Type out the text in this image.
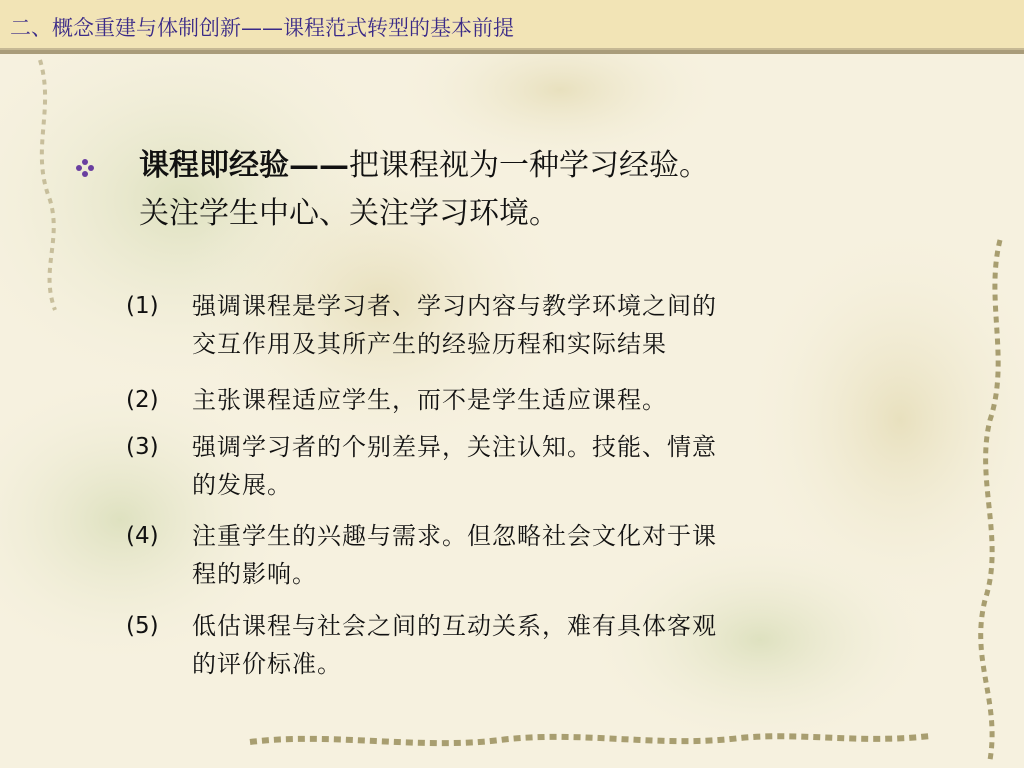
二、概念重建与体制创新——课程范式转型的基本前提
课程即经验——把课程视为一种学习经验。
关注学生中心、关注学习环境。
(1) 强调课程是学习者、学习内容与教学环境之间的
交互作用及其所产生的经验历程和实际结果
(2) 主张课程适应学生，而不是学生适应课程。
(3) 强调学习者的个别差异，关注认知。技能、情意
的发展。
(4) 注重学生的兴趣与需求。但忽略社会文化对于课
程的影响。
(5) 低估课程与社会之间的互动关系，难有具体客观
的评价标准。
